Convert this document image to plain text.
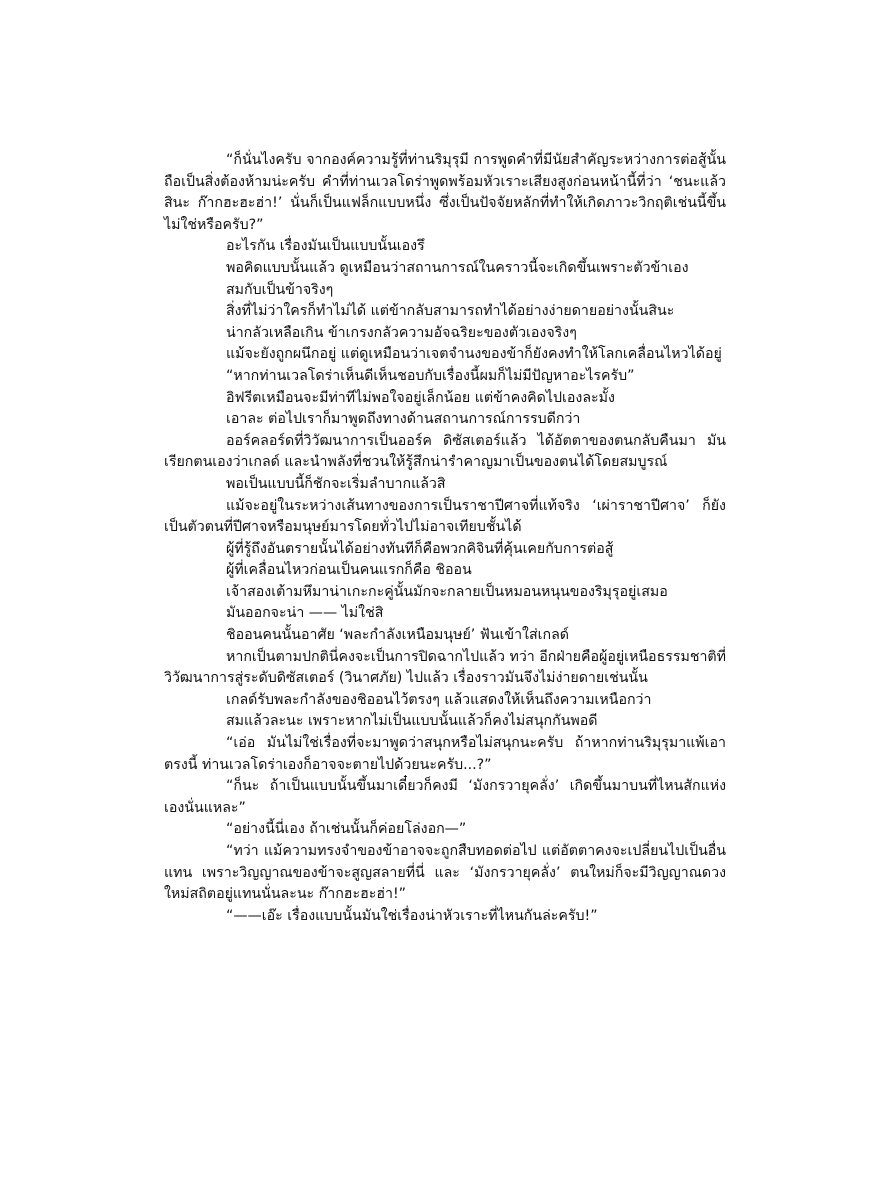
“ก็นั่นไงครับ จากองค์ความรู้ที่ท่านริมุรุมี การพูดคำที่มีนัยสำคัญระหว่างการต่อสู้นั้นถือเป็นสิ่งต้องห้ามน่ะครับ คำที่ท่านเวลโดร่าพูดพร้อมหัวเราะเสียงสูงก่อนหน้านี้ที่ว่า ‘ชนะแล้วสินะ ก๊ากฮะฮะฮ่า!’ นั่นก็เป็นแฟล็กแบบหนึ่ง ซึ่งเป็นปัจจัยหลักที่ทำให้เกิดภาวะวิกฤติเช่นนี้ขึ้นไม่ใช่หรือครับ?”

อะไรกัน เรื่องมันเป็นแบบนั้นเองรึ

พอคิดแบบนั้นแล้ว ดูเหมือนว่าสถานการณ์ในคราวนี้จะเกิดขึ้นเพราะตัวข้าเอง

สมกับเป็นข้าจริงๆ

สิ่งที่ไม่ว่าใครก็ทำไม่ได้ แต่ข้ากลับสามารถทำได้อย่างง่ายดายอย่างนั้นสินะ

น่ากลัวเหลือเกิน ข้าเกรงกลัวความอัจฉริยะของตัวเองจริงๆ

แม้จะยังถูกผนึกอยู่ แต่ดูเหมือนว่าเจตจำนงของข้าก็ยังคงทำให้โลกเคลื่อนไหวได้อยู่

“หากท่านเวลโดร่าเห็นดีเห็นชอบกับเรื่องนี้ผมก็ไม่มีปัญหาอะไรครับ”

อิฟรีตเหมือนจะมีท่าทีไม่พอใจอยู่เล็กน้อย แต่ข้าคงคิดไปเองละมั้ง

เอาละ ต่อไปเราก็มาพูดถึงทางด้านสถานการณ์การรบดีกว่า

ออร์คลอร์ดที่วิวัฒนาการเป็นออร์ค ดิซัสเตอร์แล้ว ได้อัตตาของตนกลับคืนมา มันเรียกตนเองว่าเกลด์ และนำพลังที่ชวนให้รู้สึกน่ารำคาญมาเป็นของตนได้โดยสมบูรณ์

พอเป็นแบบนี้ก็ชักจะเริ่มลำบากแล้วสิ

แม้จะอยู่ในระหว่างเส้นทางของการเป็นราชาปีศาจที่แท้จริง ‘เผ่าราชาปีศาจ’ ก็ยังเป็นตัวตนที่ปีศาจหรือมนุษย์มารโดยทั่วไปไม่อาจเทียบชั้นได้

ผู้ที่รู้ถึงอันตรายนั้นได้อย่างทันทีก็คือพวกคิจินที่คุ้นเคยกับการต่อสู้

ผู้ที่เคลื่อนไหวก่อนเป็นคนแรกก็คือ ชิออน

เจ้าสองเต้ามหึมาน่าเกะกะคู่นั้นมักจะกลายเป็นหมอนหนุนของริมุรุอยู่เสมอ

มันออกจะน่า —— ไม่ใช่สิ

ชิออนคนนั้นอาศัย ‘พละกำลังเหนือมนุษย์’ ฟันเข้าใส่เกลด์

หากเป็นตามปกตินี่คงจะเป็นการปิดฉากไปแล้ว ทว่า อีกฝ่ายคือผู้อยู่เหนือธรรมชาติที่วิวัฒนาการสู่ระดับดิซัสเตอร์ (วินาศภัย) ไปแล้ว เรื่องราวมันจึงไม่ง่ายดายเช่นนั้น

เกลด์รับพละกำลังของชิออนไว้ตรงๆ แล้วแสดงให้เห็นถึงความเหนือกว่า

สมแล้วละนะ เพราะหากไม่เป็นแบบนั้นแล้วก็คงไม่สนุกกันพอดี

“เอ่อ มันไม่ใช่เรื่องที่จะมาพูดว่าสนุกหรือไม่สนุกนะครับ ถ้าหากท่านริมุรุมาแพ้เอาตรงนี้ ท่านเวลโดร่าเองก็อาจจะตายไปด้วยนะครับ...?”

“ก็นะ ถ้าเป็นแบบนั้นขึ้นมาเดี๋ยวก็คงมี ‘มังกรวายุคลั่ง’ เกิดขึ้นมาบนที่ไหนสักแห่งเองนั่นแหละ”

“อย่างนี้นี่เอง ถ้าเช่นนั้นก็ค่อยโล่งอก—”

“ทว่า แม้ความทรงจำของข้าอาจจะถูกสืบทอดต่อไป แต่อัตตาคงจะเปลี่ยนไปเป็นอื่นแทน เพราะวิญญาณของข้าจะสูญสลายที่นี่ และ ‘มังกรวายุคลั่ง’ ตนใหม่ก็จะมีวิญญาณดวงใหม่สถิตอยู่แทนนั่นละนะ ก๊ากฮะฮะฮ่า!”

“——เอ๊ะ เรื่องแบบนั้นมันใช่เรื่องน่าหัวเราะที่ไหนกันล่ะครับ!”
